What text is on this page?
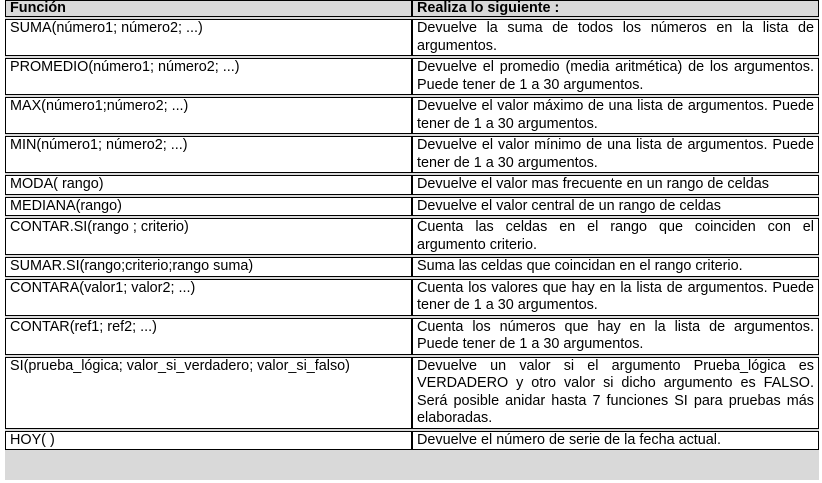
Función	Realiza lo siguiente :
SUMA(número1; número2; ...)	Devuelve la suma de todos los números en la lista de argumentos.
PROMEDIO(número1; número2; ...)	Devuelve el promedio (media aritmética) de los argumentos. Puede tener de 1 a 30 argumentos.
MAX(número1;número2; ...)	Devuelve el valor máximo de una lista de argumentos. Puede tener de 1 a 30 argumentos.
MIN(número1; número2; ...)	Devuelve el valor mínimo de una lista de argumentos. Puede tener de 1 a 30 argumentos.
MODA( rango)	Devuelve el valor mas frecuente en un rango de celdas
MEDIANA(rango)	Devuelve el valor central de un rango de celdas
CONTAR.SI(rango ; criterio)	Cuenta las celdas en el rango que coinciden con el argumento criterio.
SUMAR.SI(rango;criterio;rango suma)	Suma las celdas que coincidan en el rango criterio.
CONTARA(valor1; valor2; ...)	Cuenta los valores que hay en la lista de argumentos. Puede tener de 1 a 30 argumentos.
CONTAR(ref1; ref2; ...)	Cuenta los números que hay en la lista de argumentos. Puede tener de 1 a 30 argumentos.
SI(prueba_lógica; valor_si_verdadero; valor_si_falso)	Devuelve un valor si el argumento Prueba_lógica es VERDADERO y otro valor si dicho argumento es FALSO. Será posible anidar hasta 7 funciones SI para pruebas más elaboradas.
HOY( )	Devuelve el número de serie de la fecha actual.
